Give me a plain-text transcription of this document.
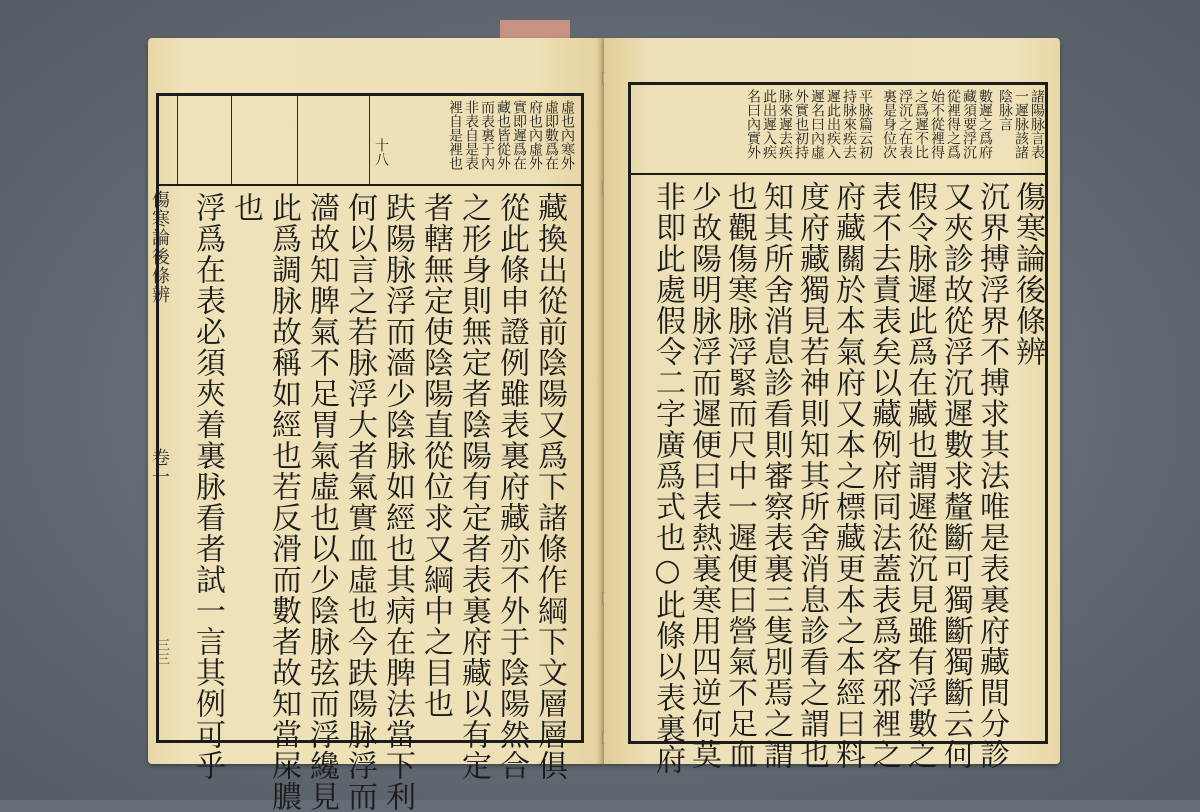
傷寒論後條辨
卷一
三三
十八	虛也內寒外
虛即數爲在
府也內虛外
實即遲爲在
藏也皆從外
而表裏于內
非表自是表
裡自是裡也
藏換出從前陰陽又爲下諸條作綱下文層層俱
從此條申證例雖表裏府藏亦不外于陰陽然合
之形身則無定者陰陽有定者表裏府藏以有定
者轄無定使陰陽直從位求又綱中之目也
趺陽脉浮而濇少陰脉如經也其病在脾法當下利
何以言之若脉浮大者氣實血虛也今趺陽脉浮而
濇故知脾氣不足胃氣虛也以少陰脉弦而浮纔見
此爲調脉故稱如經也若反滑而數者故知當屎膿
也
浮爲在表必須夾着裏脉看者試一言其例可乎
諸陽脉言表
一遲脉該諸
陰脉言
數遲之爲府
藏須要浮沉
從裡得之爲
始不從裡得
之爲遲不比
浮沉之在表
裏是身位次
平脉篇云初
持脉來疾去
遲此出疾入
遲名曰內虛
外實也初持
脉來遲去疾
此出遲入疾
名曰內實外
傷寒論後條辨
沉界搏浮界不搏求其法唯是表裏府藏間分診
又夾診故從浮沉遲數求釐斷可獨斷獨斷云何
假令脉遲此爲在藏也謂遲從沉見雖有浮數之
表不去責表矣以藏例府同法蓋表爲客邪裡之
府藏關於本氣府又本之標藏更本之本經曰料
度府藏獨見若神則知其所舍消息診看之謂也
知其所舍消息診看則審察表裏三隻別焉之謂
也觀傷寒脉浮緊而尺中一遲便曰營氣不足血
少故陽明脉浮而遲便曰表熱裏寒用四逆何莫
非即此處假令二字廣爲式也○此條以表裏府
